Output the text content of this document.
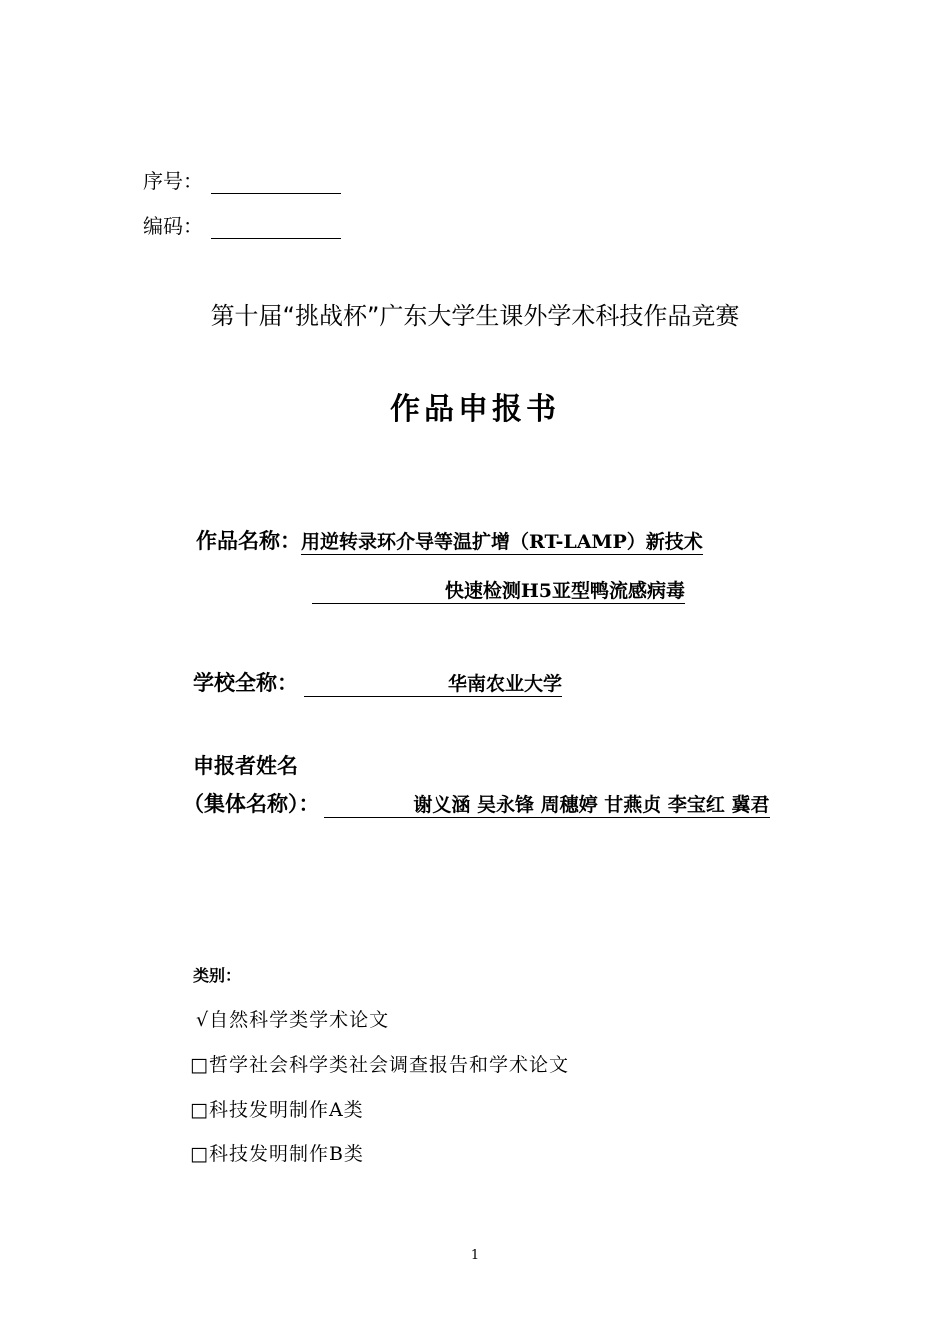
序号：
编码：
第十届“挑战杯”广东大学生课外学术科技作品竞赛
作品申报书
作品名称：用逆转录环介导等温扩增（RT-LAMP）新技术
快速检测H5亚型鸭流感病毒
学校全称：	华南农业大学
申报者姓名
（集体名称）：	谢义涵 吴永锋 周穗婷 甘燕贞 李宝红 冀君
类别：
√自然科学类学术论文
□哲学社会科学类社会调查报告和学术论文
□科技发明制作A类
□科技发明制作B类
1
